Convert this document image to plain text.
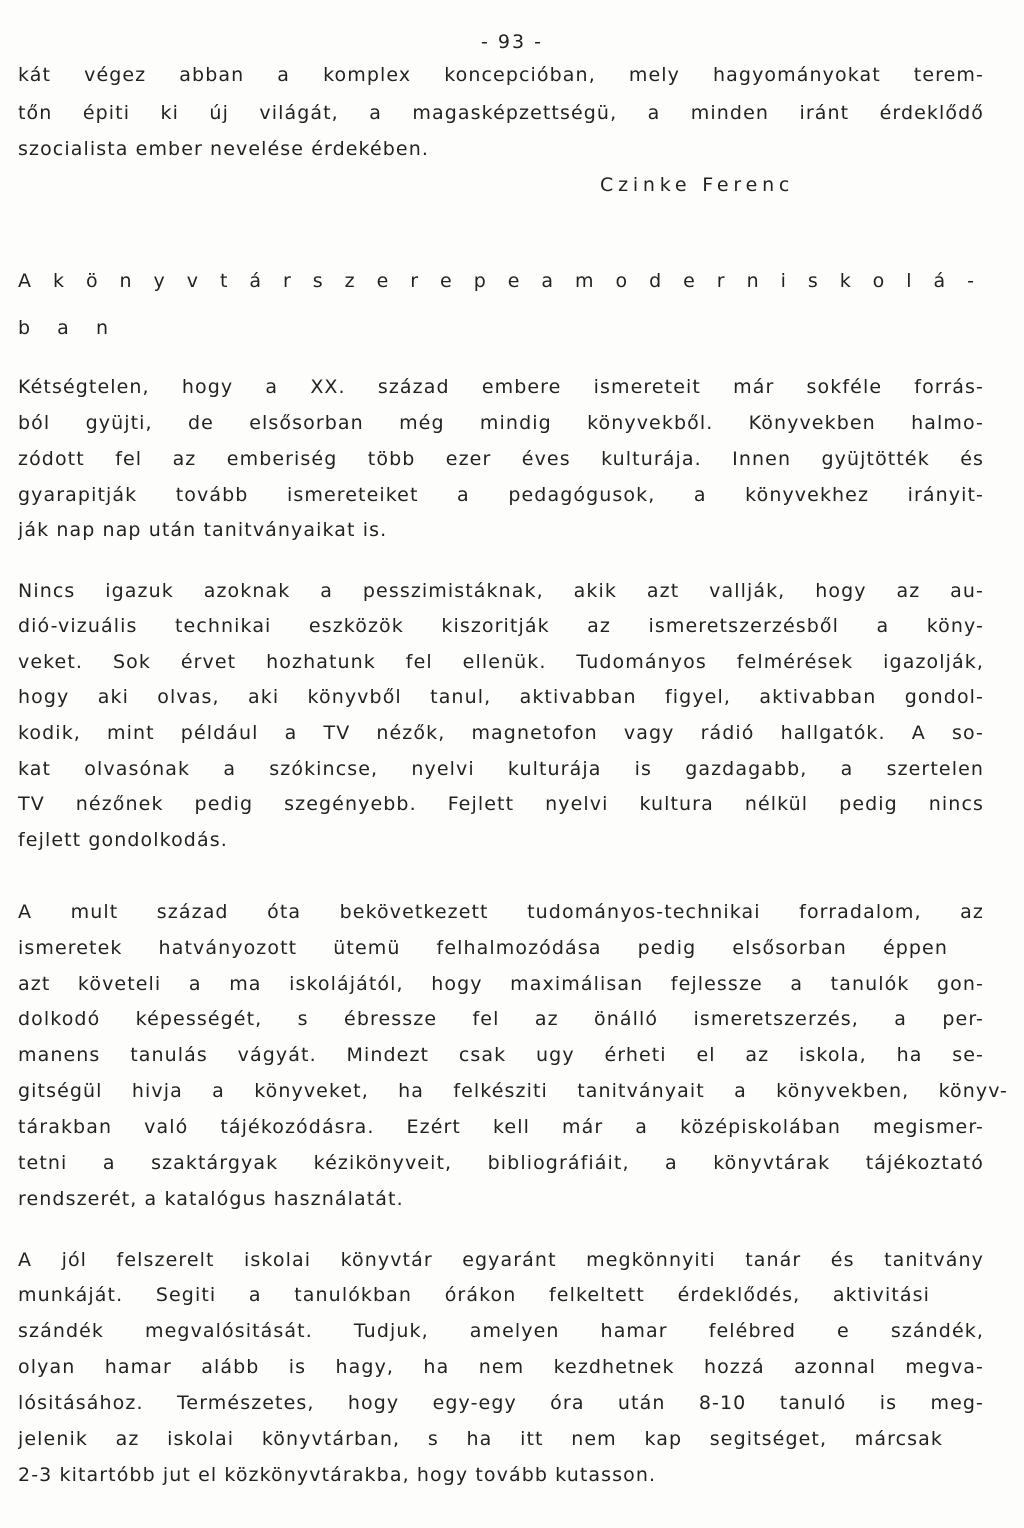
- 93 -
kát végez abban a komplex koncepcióban, mely hagyományokat terem-
tőn épiti ki új világát, a magasképzettségü, a minden iránt érdeklődő
szocialista ember nevelése érdekében.
Czinke Ferenc
A k ö n y v t á r s z e r e p e a m o d e r n i s k o l á -
b a n
Kétségtelen, hogy a XX. század embere ismereteit már sokféle forrás-
ból gyüjti, de elsősorban még mindig könyvekből. Könyvekben halmo-
zódott fel az emberiség több ezer éves kulturája. Innen gyüjtötték és
gyarapitják tovább ismereteiket a pedagógusok, a könyvekhez irányit-
ják nap nap után tanitványaikat is.
Nincs igazuk azoknak a pesszimistáknak, akik azt vallják, hogy az au-
dió-vizuális technikai eszközök kiszoritják az ismeretszerzésből a köny-
veket. Sok érvet hozhatunk fel ellenük. Tudományos felmérések igazolják,
hogy aki olvas, aki könyvből tanul, aktivabban figyel, aktivabban gondol-
kodik, mint például a TV nézők, magnetofon vagy rádió hallgatók. A so-
kat olvasónak a szókincse, nyelvi kulturája is gazdagabb, a szertelen
TV nézőnek pedig szegényebb. Fejlett nyelvi kultura nélkül pedig nincs
fejlett gondolkodás.
A mult század óta bekövetkezett tudományos-technikai forradalom, az
ismeretek hatványozott ütemü felhalmozódása pedig elsősorban éppen
azt követeli a ma iskolájától, hogy maximálisan fejlessze a tanulók gon-
dolkodó képességét, s ébressze fel az önálló ismeretszerzés, a per-
manens tanulás vágyát. Mindezt csak ugy érheti el az iskola, ha se-
gitségül hivja a könyveket, ha felkésziti tanitványait a könyvekben, könyv-
tárakban való tájékozódásra. Ezért kell már a középiskolában megismer-
tetni a szaktárgyak kézikönyveit, bibliográfiáit, a könyvtárak tájékoztató
rendszerét, a katalógus használatát.
A jól felszerelt iskolai könyvtár egyaránt megkönnyiti tanár és tanitvány
munkáját. Segiti a tanulókban órákon felkeltett érdeklődés, aktivitási
szándék megvalósitását. Tudjuk, amelyen hamar felébred e szándék,
olyan hamar alább is hagy, ha nem kezdhetnek hozzá azonnal megva-
lósitásához. Természetes, hogy egy-egy óra után 8-10 tanuló is meg-
jelenik az iskolai könyvtárban, s ha itt nem kap segitséget, márcsak
2-3 kitartóbb jut el közkönyvtárakba, hogy tovább kutasson.
